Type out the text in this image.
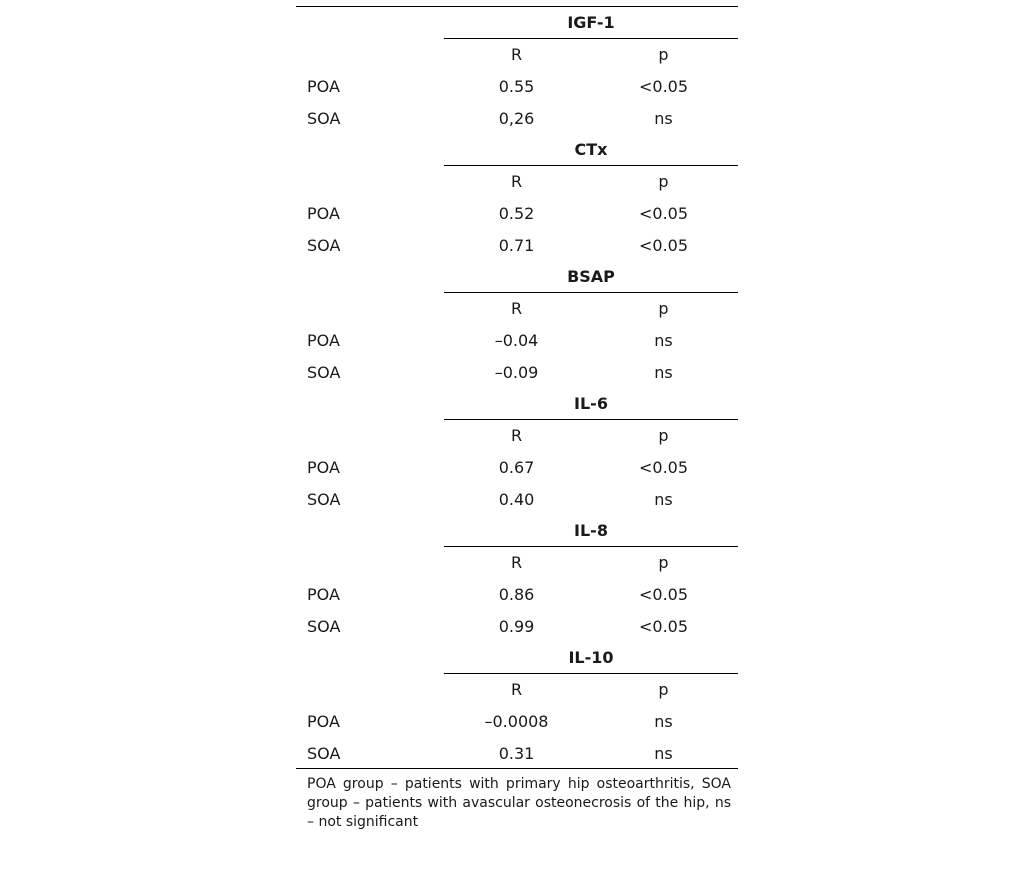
IGF-1
R	p
POA	0.55	<0.05
SOA	0,26	ns
CTx
R	p
POA	0.52	<0.05
SOA	0.71	<0.05
BSAP
R	p
POA	–0.04	ns
SOA	–0.09	ns
IL-6
R	p
POA	0.67	<0.05
SOA	0.40	ns
IL-8
R	p
POA	0.86	<0.05
SOA	0.99	<0.05
IL-10
R	p
POA	–0.0008	ns
SOA	0.31	ns
POA group – patients with primary hip osteoarthritis, SOA group – patients with avascular osteonecrosis of the hip, ns – not significant
